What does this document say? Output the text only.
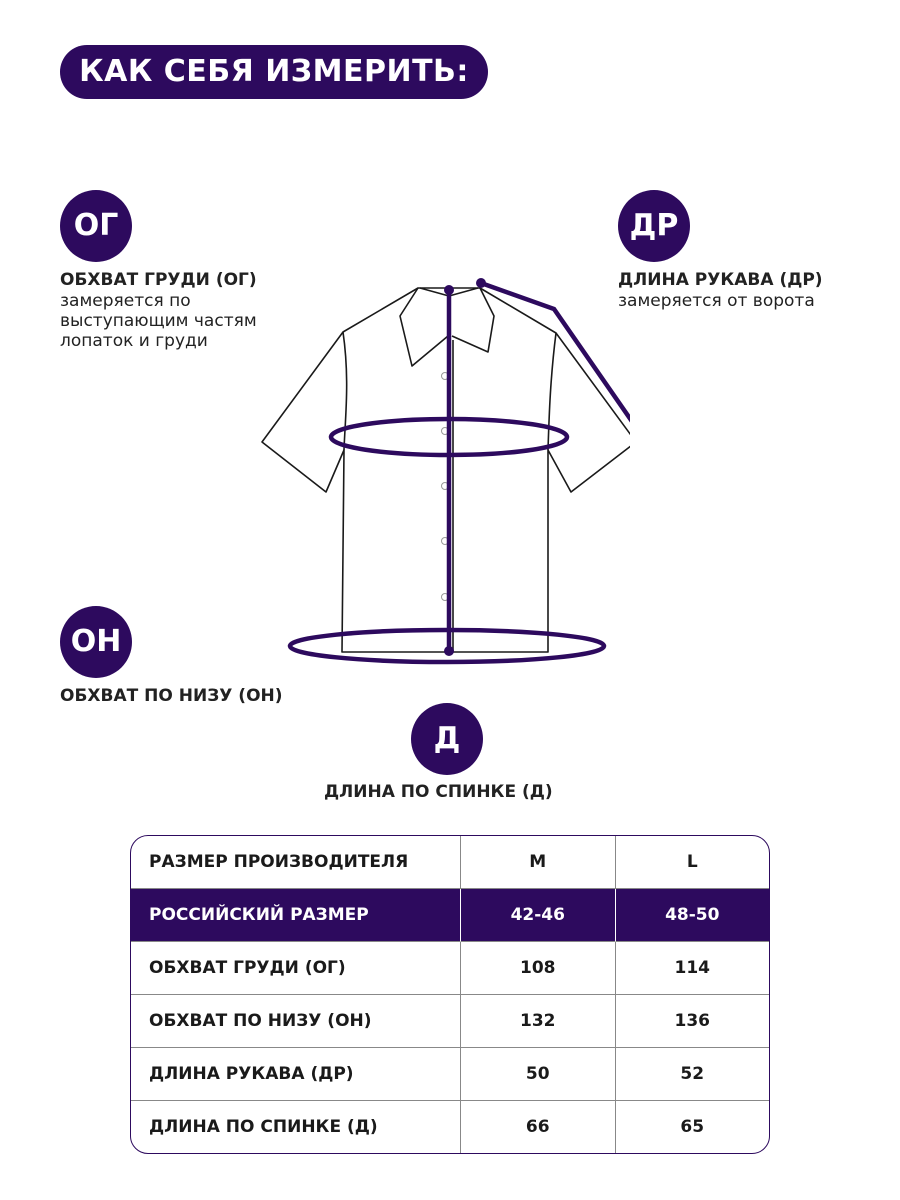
КАК СЕБЯ ИЗМЕРИТЬ:
ОГ
ОБХВАТ ГРУДИ (ОГ)
замеряется по
выступающим частям
лопаток и груди
ДР
ДЛИНА РУКАВА (ДР)
замеряется от ворота
ОН
ОБХВАТ ПО НИЗУ (ОН)
Д
ДЛИНА ПО СПИНКЕ (Д)
РАЗМЕР ПРОИЗВОДИТЕЛЯ	M	L
РОССИЙСКИЙ РАЗМЕР	42-46	48-50
ОБХВАТ ГРУДИ (ОГ)	108	114
ОБХВАТ ПО НИЗУ (ОН)	132	136
ДЛИНА РУКАВА (ДР)	50	52
ДЛИНА ПО СПИНКЕ (Д)	66	65
